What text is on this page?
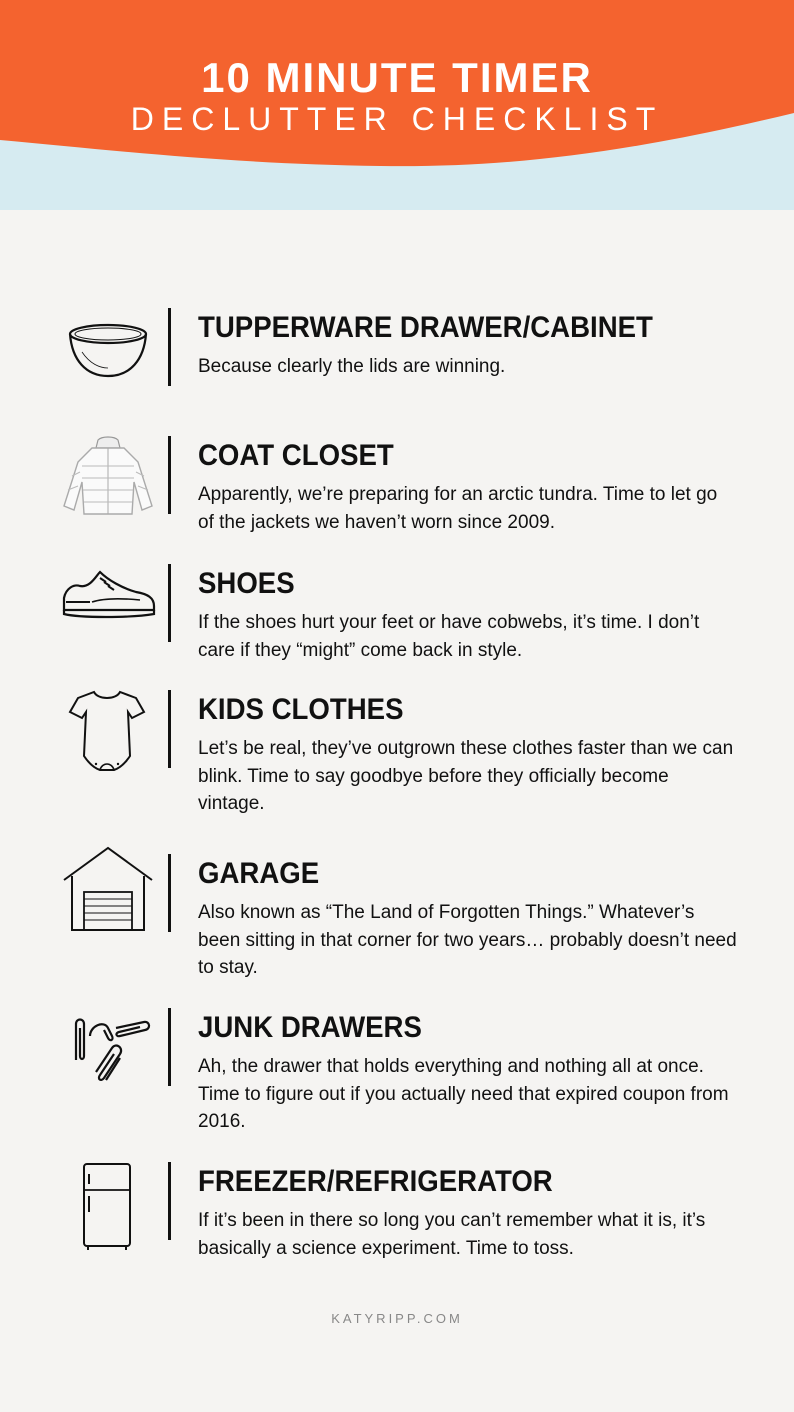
10 MINUTE TIMER
DECLUTTER CHECKLIST
TUPPERWARE DRAWER/CABINET
Because clearly the lids are winning.
COAT CLOSET
Apparently, we’re preparing for an arctic tundra. Time to let go of the jackets we haven’t worn since 2009.
SHOES
If the shoes hurt your feet or have cobwebs, it’s time. I don’t care if they “might” come back in style.
KIDS CLOTHES
Let’s be real, they’ve outgrown these clothes faster than we can blink. Time to say goodbye before they officially become vintage.
GARAGE
Also known as “The Land of Forgotten Things.” Whatever’s been sitting in that corner for two years… probably doesn’t need to stay.
JUNK DRAWERS
Ah, the drawer that holds everything and nothing all at once. Time to figure out if you actually need that expired coupon from 2016.
FREEZER/REFRIGERATOR
If it’s been in there so long you can’t remember what it is, it’s basically a science experiment. Time to toss.
KATYRIPP.COM
